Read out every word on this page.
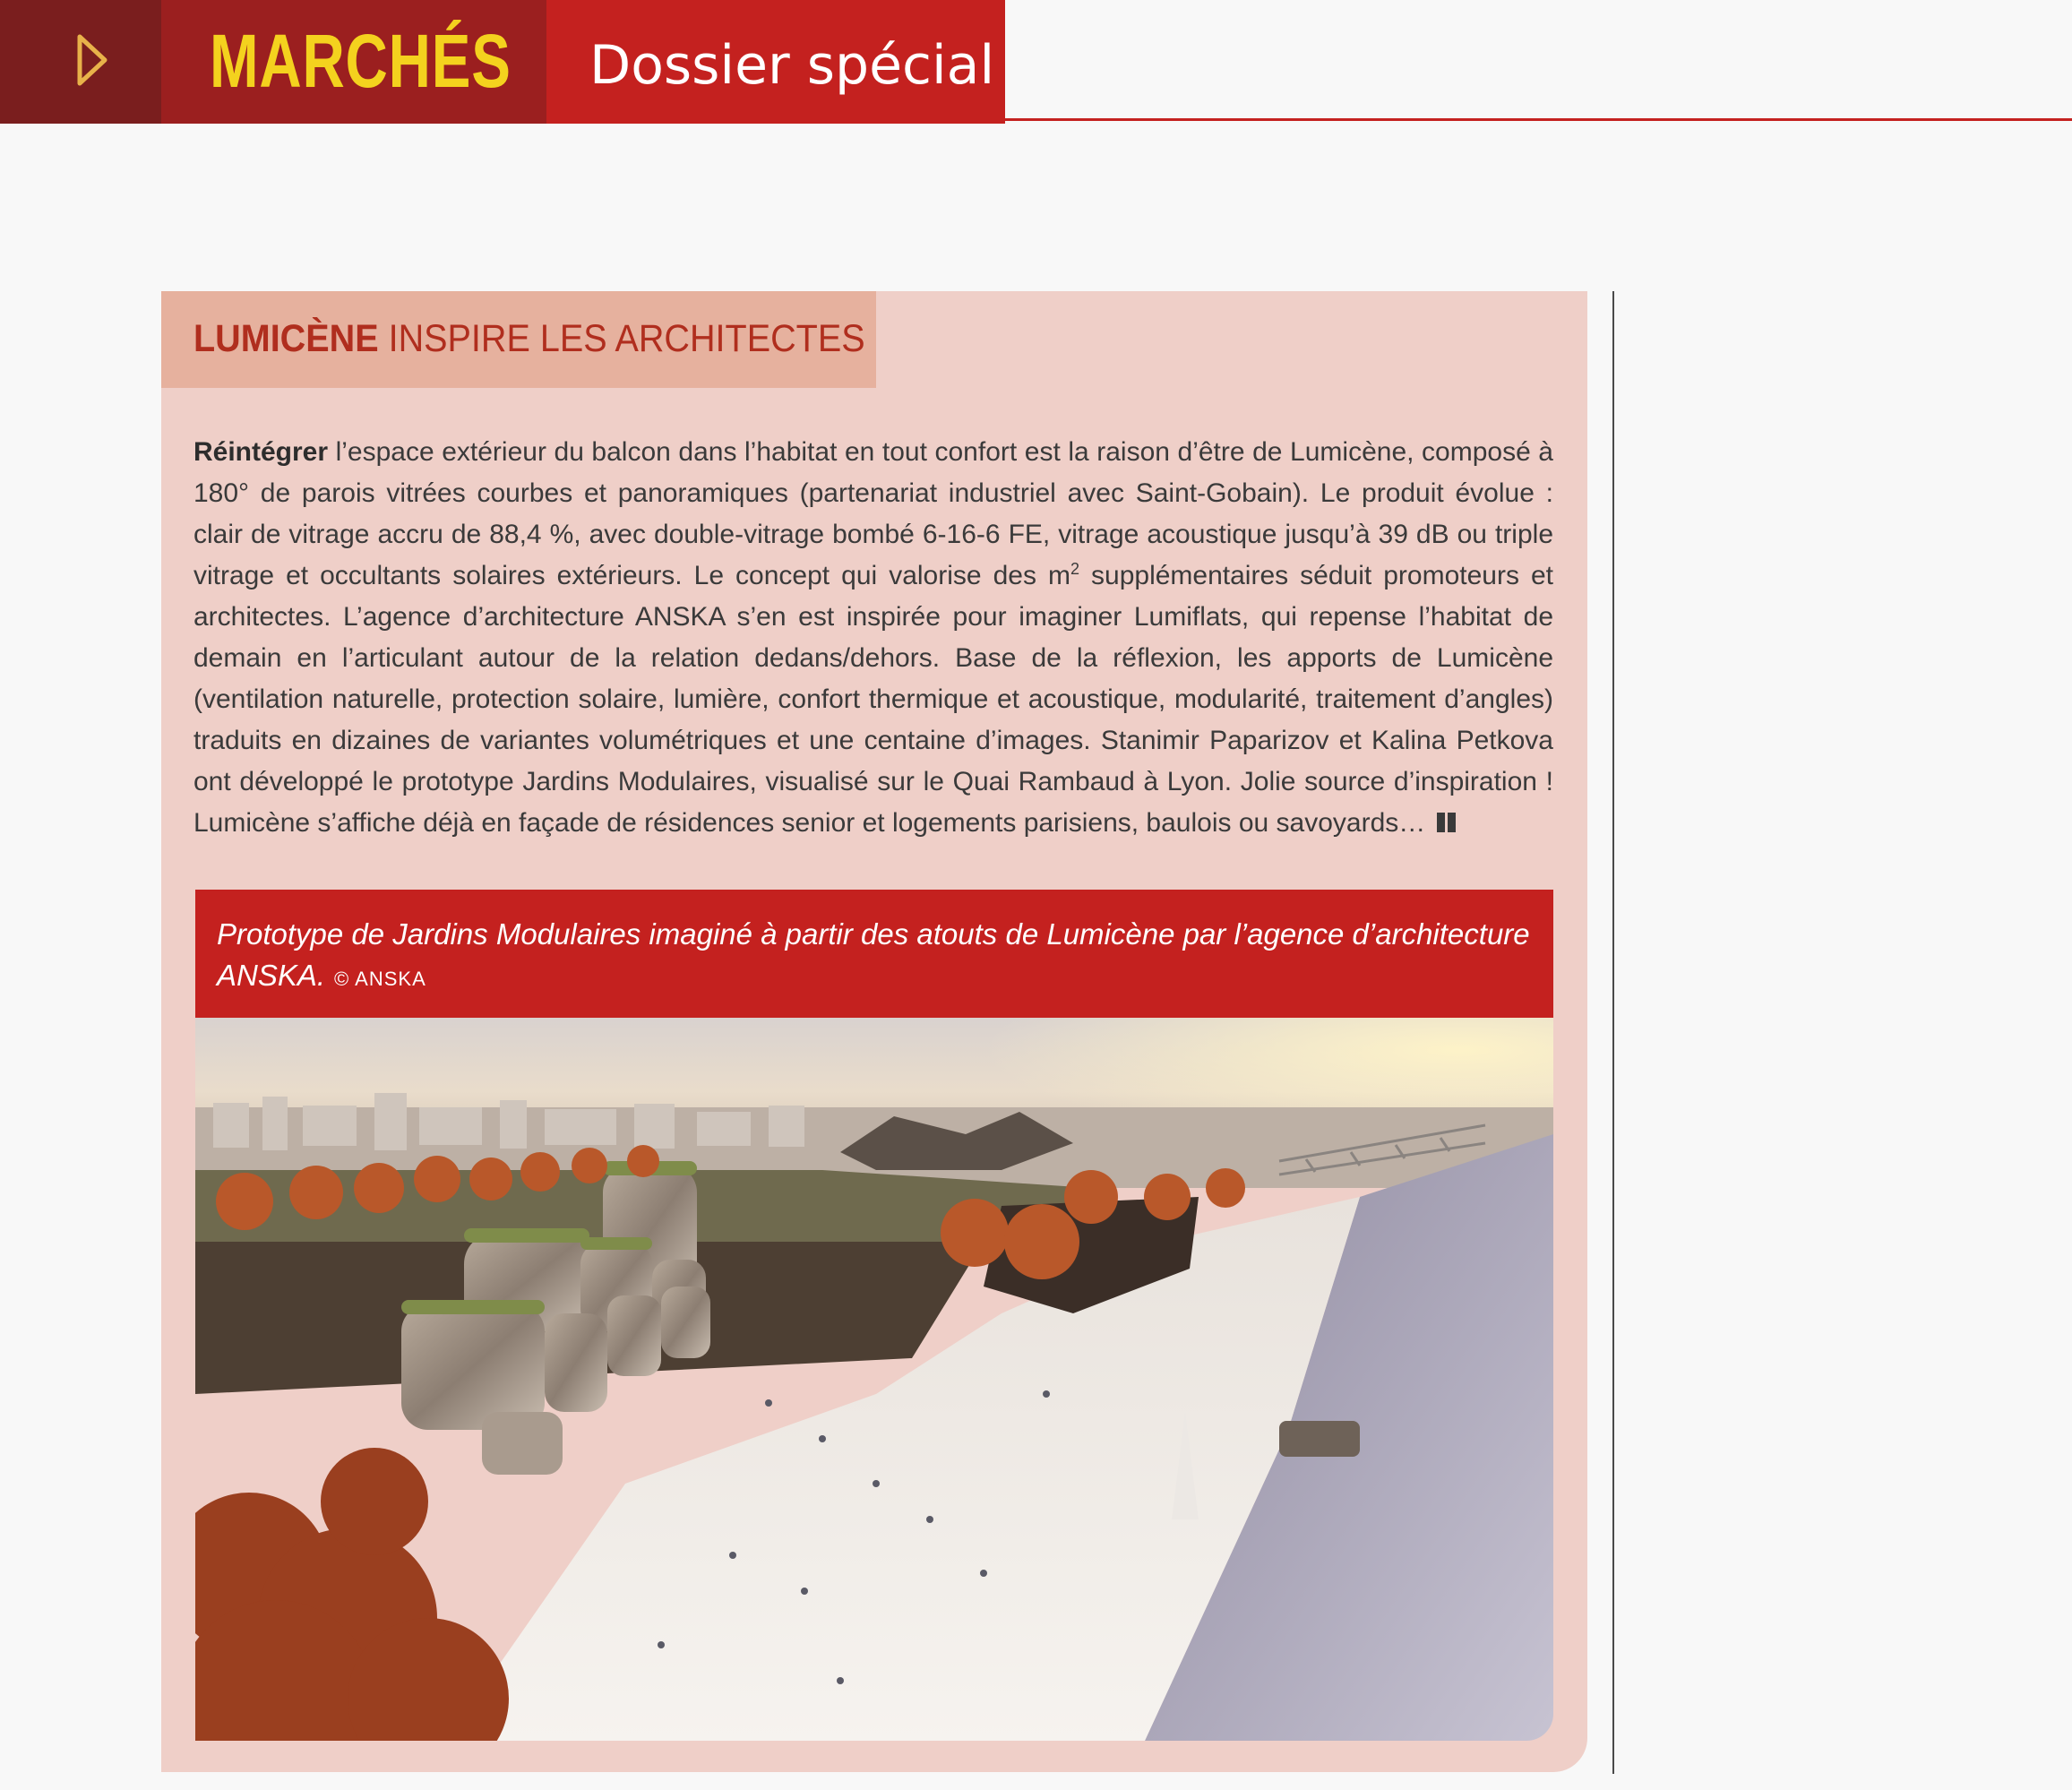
MARCHÉS Dossier spécial
LUMICÈNE INSPIRE LES ARCHITECTES

Réintégrer l’espace extérieur du balcon dans l’habitat en tout confort est la raison d’être de Lumicène, composé à 180° de parois vitrées courbes et panoramiques (partenariat industriel avec Saint-Gobain). Le produit évolue : clair de vitrage accru de 88,4 %, avec double-vitrage bombé 6-16-6 FE, vitrage acoustique jusqu’à 39 dB ou triple vitrage et occultants solaires extérieurs. Le concept qui valorise des $m^2$ supplémentaires séduit promoteurs et architectes. L’agence d’architecture ANSKA s’en est inspirée pour imaginer Lumiflats, qui repense l’habitat de demain en l’articulant autour de la relation dedans/dehors. Base de la réflexion, les apports de Lumicène (ventilation naturelle, protection solaire, lumière, confort thermique et acoustique, modularité, traitement d’angles) traduits en dizaines de variantes volumétriques et une centaine d’images. Stanimir Paparizov et Kalina Petkova ont développé le prototype Jardins Modulaires, visualisé sur le Quai Rambaud à Lyon. Jolie source d’inspiration ! Lumicène s’affiche déjà en façade de résidences senior et logements parisiens, baulois ou savoyards…

Prototype de Jardins Modulaires imaginé à partir des atouts de Lumicène par l’agence d’architecture ANSKA. © ANSKA
